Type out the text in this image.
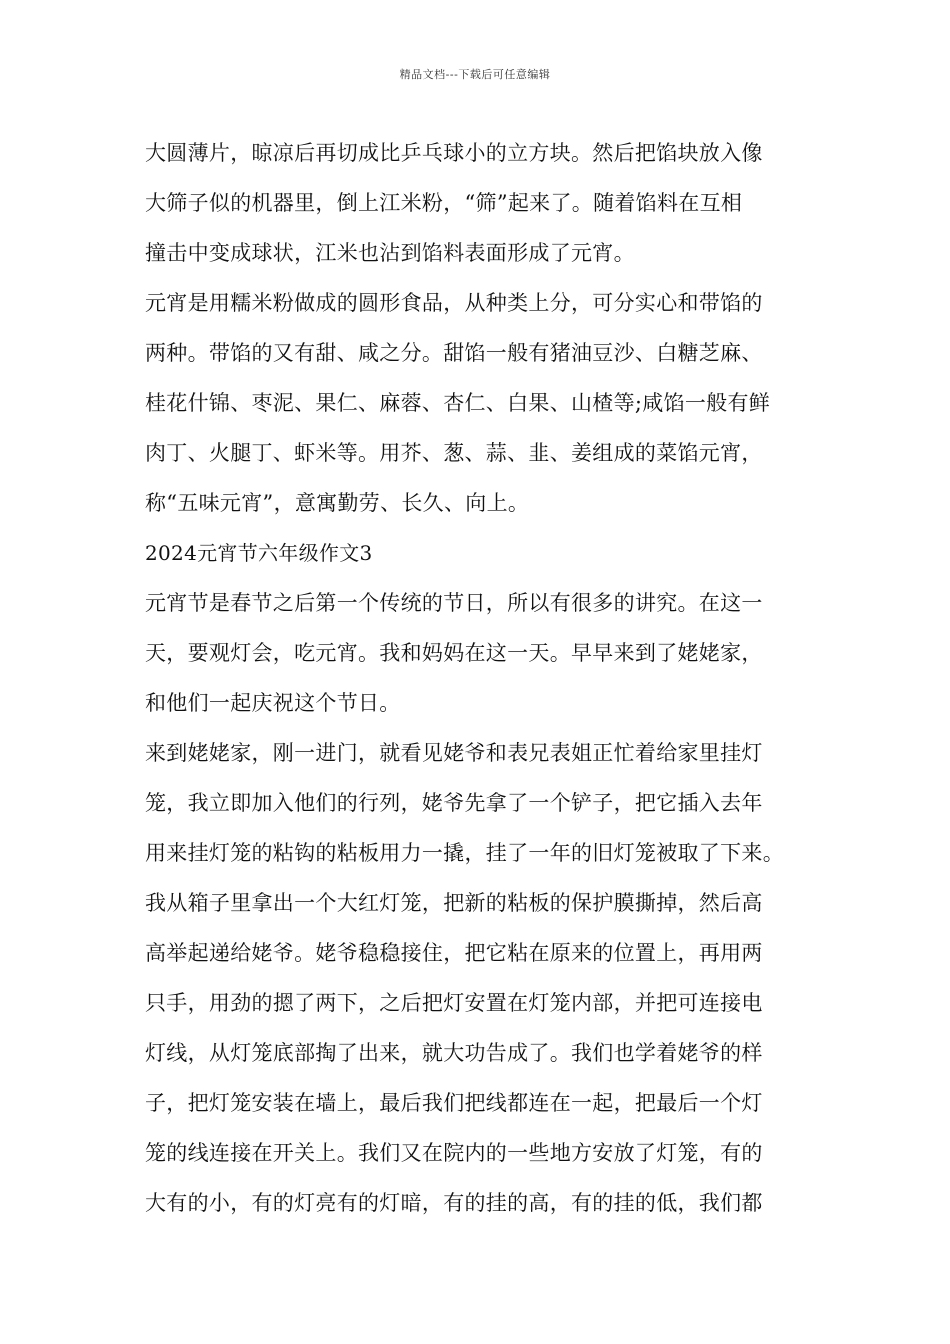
精品文档---下载后可任意编辑
大圆薄片，晾凉后再切成比乒乓球小的立方块。然后把馅块放入像
大筛子似的机器里，倒上江米粉，“筛”起来了。随着馅料在互相
撞击中变成球状，江米也沾到馅料表面形成了元宵。
元宵是用糯米粉做成的圆形食品，从种类上分，可分实心和带馅的
两种。带馅的又有甜、咸之分。甜馅一般有猪油豆沙、白糖芝麻、
桂花什锦、枣泥、果仁、麻蓉、杏仁、白果、山楂等;咸馅一般有鲜
肉丁、火腿丁、虾米等。用芥、葱、蒜、韭、姜组成的菜馅元宵，
称“五味元宵”，意寓勤劳、长久、向上。
2024元宵节六年级作文3
元宵节是春节之后第一个传统的节日，所以有很多的讲究。在这一
天，要观灯会，吃元宵。我和妈妈在这一天。早早来到了姥姥家，
和他们一起庆祝这个节日。
来到姥姥家，刚一进门，就看见姥爷和表兄表姐正忙着给家里挂灯
笼，我立即加入他们的行列，姥爷先拿了一个铲子，把它插入去年
用来挂灯笼的粘钩的粘板用力一撬，挂了一年的旧灯笼被取了下来。
我从箱子里拿出一个大红灯笼，把新的粘板的保护膜撕掉，然后高
高举起递给姥爷。姥爷稳稳接住，把它粘在原来的位置上，再用两
只手，用劲的摁了两下，之后把灯安置在灯笼内部，并把可连接电
灯线，从灯笼底部掏了出来，就大功告成了。我们也学着姥爷的样
子，把灯笼安装在墙上，最后我们把线都连在一起，把最后一个灯
笼的线连接在开关上。我们又在院内的一些地方安放了灯笼，有的
大有的小，有的灯亮有的灯暗，有的挂的高，有的挂的低，我们都
